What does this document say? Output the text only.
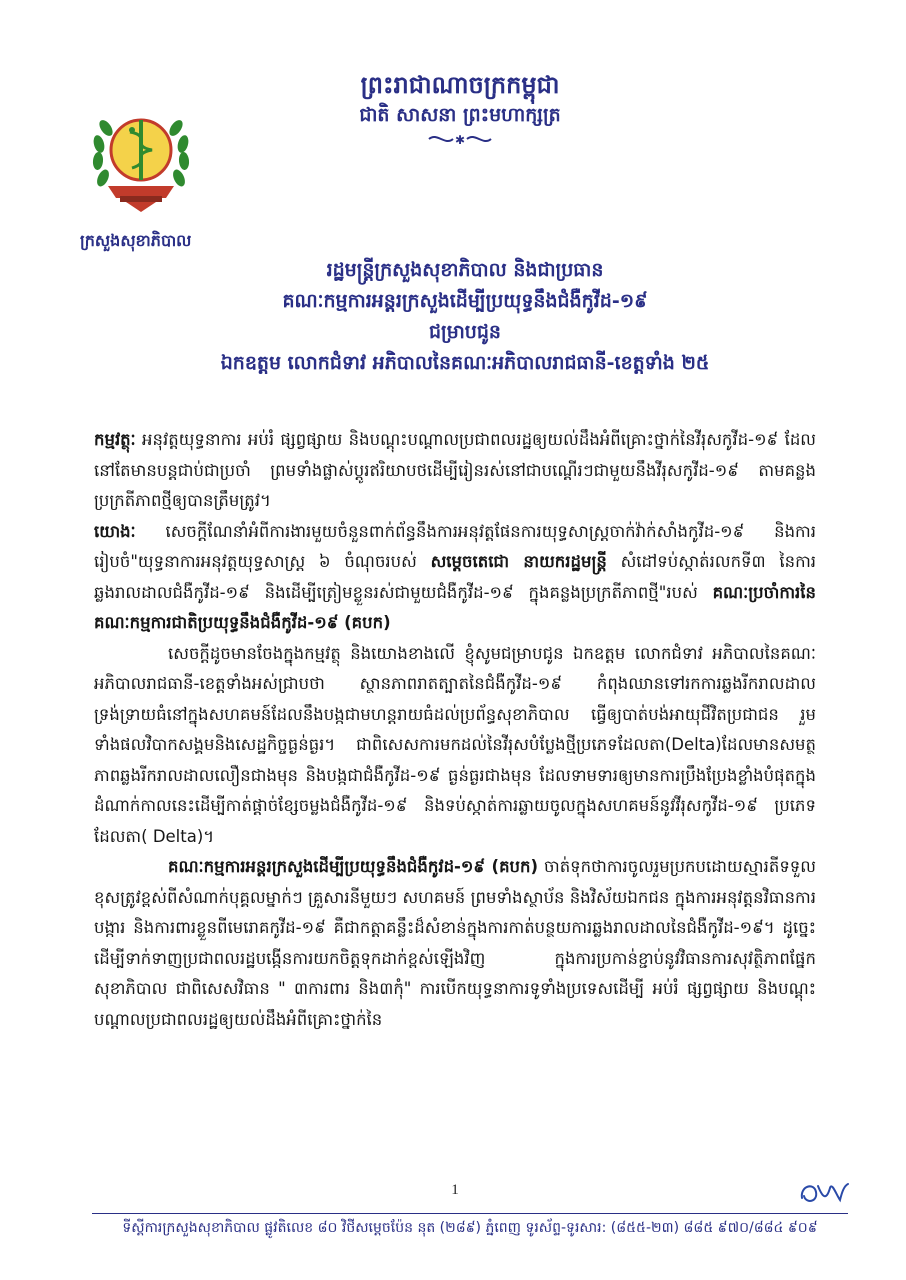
ក្រសួងសុខាភិបាល
ព្រះរាជាណាចក្រកម្ពុជា
ជាតិ សាសនា ព្រះមហាក្សត្រ
✱
រដ្ឋមន្ត្រីក្រសួងសុខាភិបាល និងជាប្រធាន
គណៈកម្មការអន្តរក្រសួងដើម្បីប្រយុទ្ធនឹងជំងឺកូវីដ-១៩
ជម្រាបជូន
ឯកឧត្តម លោកជំទាវ អភិបាលនៃគណៈអភិបាលរាជធានី-ខេត្តទាំង ២៥

កម្មវត្ថុៈ អនុវត្តយុទ្ធនាការ អប់រំ ផ្សព្វផ្សាយ និងបណ្តុះបណ្តាលប្រជាពលរដ្ឋឲ្យយល់ដឹងអំពីគ្រោះថ្នាក់នៃវីរុសកូវីដ-១៩ ដែលនៅតែមានបន្តជាប់ជាប្រចាំ ព្រមទាំងផ្លាស់ប្តូរឥរិយាបថដើម្បីរៀនរស់នៅជាបណ្តើរៗជាមួយនឹងវីរុសកូវីដ-១៩ តាមគន្លងប្រក្រតីភាពថ្មីឲ្យបានត្រឹមត្រូវ។

យោងៈ សេចក្តីណែនាំអំពីការងារមួយចំនួនពាក់ព័ន្ធនឹងការអនុវត្តផែនការយុទ្ធសាស្ត្រចាក់វ៉ាក់សាំងកូវីដ-១៩ និងការរៀបចំ"យុទ្ធនាការអនុវត្តយុទ្ធសាស្ត្រ ៦ ចំណុចរបស់ សម្តេចតេជោ នាយករដ្ឋមន្ត្រី សំដៅទប់ស្កាត់រលកទី៣ នៃការឆ្លងរាលដាលជំងឺកូវីដ-១៩ និងដើម្បីត្រៀមខ្លួនរស់ជាមួយជំងឺកូវីដ-១៩ ក្នុងគន្លងប្រក្រតីភាពថ្មី"របស់ គណៈប្រចាំការនៃគណៈកម្មការជាតិប្រយុទ្ធនឹងជំងឺកូវីដ-១៩ (គបក)

សេចក្តីដូចមានចែងក្នុងកម្មវត្ថុ និងយោងខាងលើ ខ្ញុំសូមជម្រាបជូន ឯកឧត្តម លោកជំទាវ អភិបាលនៃគណៈអភិបាលរាជធានី-ខេត្តទាំងអស់ជ្រាបថា ស្ថានភាពរាតត្បាតនៃជំងឺកូវីដ-១៩ កំពុងឈានទៅរកការឆ្លងរីករាលដាលទ្រង់ទ្រាយធំនៅក្នុងសហគមន៍ដែលនឹងបង្កជាមហន្តរាយធំដល់ប្រព័ន្ធសុខាភិបាល ធ្វើឲ្យបាត់បង់អាយុជីវិតប្រជាជន រួមទាំងផលវិបាកសង្គមនិងសេដ្ឋកិច្ចធ្ងន់ធ្ងរ។ ជាពិសេសការមកដល់នៃវីរុសបំប្លែងថ្មីប្រភេទដែលតា(Delta)ដែលមានសមត្ថភាពឆ្លងរីករាលដាលលឿនជាងមុន និងបង្កជាជំងឺកូវីដ-១៩ ធ្ងន់ធ្ងរជាងមុន ដែលទាមទារឲ្យមានការប្រឹងប្រែងខ្លាំងបំផុតក្នុងដំណាក់កាលនេះដើម្បីកាត់ផ្តាច់ខ្សែចម្លងជំងឺកូវីដ-១៩ និងទប់ស្កាត់ការឆ្លាយចូលក្នុងសហគមន៍នូវវីរុសកូវីដ-១៩ ប្រភេទដែលតា( Delta)។

គណៈកម្មការអន្តរក្រសួងដើម្បីប្រយុទ្ធនឹងជំងឺកូវដ-១៩ (គបក) ចាត់ទុកថាការចូលរួមប្រកបដោយស្មារតីទទួលខុសត្រូវខ្ពស់ពីសំណាក់បុគ្គលម្នាក់ៗ គ្រួសារនីមួយៗ សហគមន៍ ព្រមទាំងស្ថាប័ន និងវិស័យឯកជន ក្នុងការអនុវត្តនវិធានការបង្ការ និងការពារខ្លួនពីមេរោគកូវីដ-១៩ គឺជាកត្តាគន្លឹះដ៏សំខាន់ក្នុងការកាត់បន្ថយការឆ្លងរាលដាលនៃជំងឺកូវីដ-១៩។ ដូច្នេះដើម្បីទាក់ទាញប្រជាពលរដ្ឋបង្កើនការយកចិត្តទុកដាក់ខ្ពស់ឡើងវិញ ក្នុងការប្រកាន់ខ្ជាប់នូវវិធានការសុវត្ថិភាពផ្នែកសុខាភិបាល ជាពិសេសវិធាន " ៣ការពារ និង៣កុំ" ការបើកយុទ្ធនាការទូទាំងប្រទេសដើម្បី អប់រំ ផ្សព្វផ្សាយ និងបណ្តុះបណ្តាលប្រជាពលរដ្ឋឲ្យយល់ដឹងអំពីគ្រោះថ្នាក់នៃ

1
ទីស្តីការក្រសួងសុខាភិបាល ផ្លូវតិលេខ ៨០ វិថីសម្តេចប៉ែន នុត (២៨៩) ភ្នំពេញ ទូរស័ព្ទ-ទូរសារ: (៨៥៥-២៣) ៨៨៥ ៩៧០/៨៨៤ ៩០៩
